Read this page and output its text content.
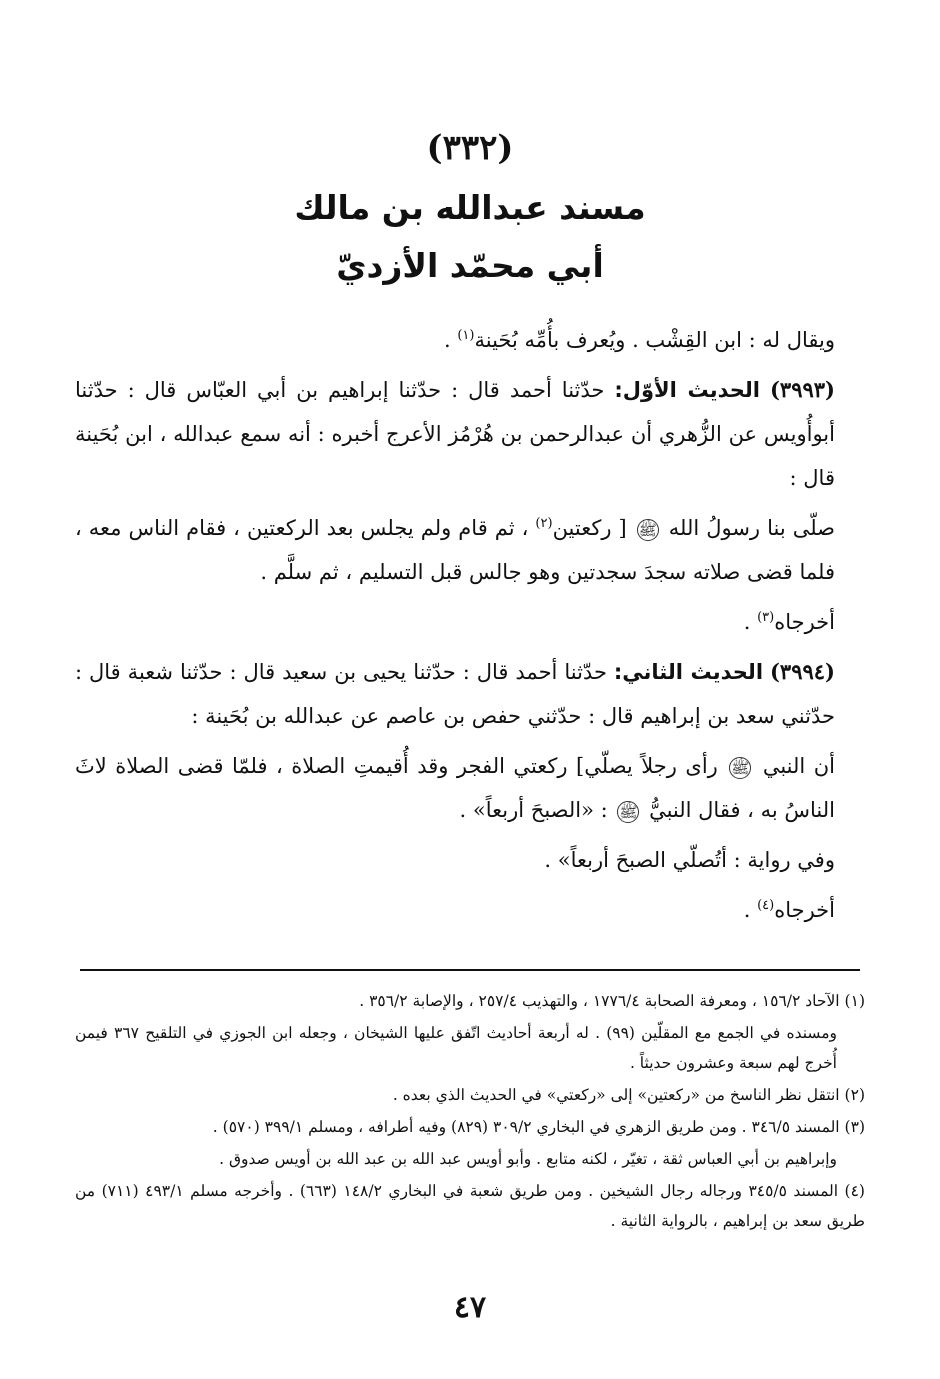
(٣٣٢)
مسند عبدالله بن مالك
أبي محمّد الأزديّ

ويقال له : ابن القِشْب . ويُعرف بأُمِّه بُحَينة$^{(١)}$ .

(٣٩٩٣) الحديث الأوّل: حدّثنا أحمد قال : حدّثنا إبراهيم بن أبي العبّاس قال : حدّثنا أبوأُويس عن الزُّهري أن عبدالرحمن بن هُرْمُز الأعرج أخبره : أنه سمع عبدالله ، ابن بُحَينة قال :

صلّى بنا رسولُ الله ﷺ [ ركعتين$^{(٢)}$ ، ثم قام ولم يجلس بعد الركعتين ، فقام الناس معه ، فلما قضى صلاته سجدَ سجدتين وهو جالس قبل التسليم ، ثم سلَّم .

أخرجاه$^{(٣)}$ .

(٣٩٩٤) الحديث الثاني: حدّثنا أحمد قال : حدّثنا يحيى بن سعيد قال : حدّثنا شعبة قال : حدّثني سعد بن إبراهيم قال : حدّثني حفص بن عاصم عن عبدالله بن بُحَينة :

أن النبي ﷺ رأى رجلاً يصلّي] ركعتي الفجر وقد أُقيمتِ الصلاة ، فلمّا قضى الصلاة لاثَ الناسُ به ، فقال النبيُّ ﷺ : «الصبحَ أربعاً» .

وفي رواية : أتُصلّي الصبحَ أربعاً» .

أخرجاه$^{(٤)}$ .

(١) الآحاد ١٥٦/٢ ، ومعرفة الصحابة ١٧٧٦/٤ ، والتهذيب ٢٥٧/٤ ، والإصابة ٣٥٦/٢ .

ومسنده في الجمع مع المقلّين (٩٩) . له أربعة أحاديث اتّفق عليها الشيخان ، وجعله ابن الجوزي في التلقيح ٣٦٧ فيمن أُخرج لهم سبعة وعشرون حديثاً .

(٢) انتقل نظر الناسخ من «ركعتين» إلى «ركعتي» في الحديث الذي بعده .

(٣) المسند ٣٤٦/٥ . ومن طريق الزهري في البخاري ٣٠٩/٢ (٨٢٩) وفيه أطرافه ، ومسلم ٣٩٩/١ (٥٧٠) .

وإبراهيم بن أبي العباس ثقة ، تغيّر ، لكنه متابع . وأبو أويس عبد الله بن عبد الله بن أويس صدوق .

(٤) المسند ٣٤٥/٥ ورجاله رجال الشيخين . ومن طريق شعبة في البخاري ١٤٨/٢ (٦٦٣) . وأخرجه مسلم ٤٩٣/١ (٧١١) من طريق سعد بن إبراهيم ، بالرواية الثانية .

٤٧
